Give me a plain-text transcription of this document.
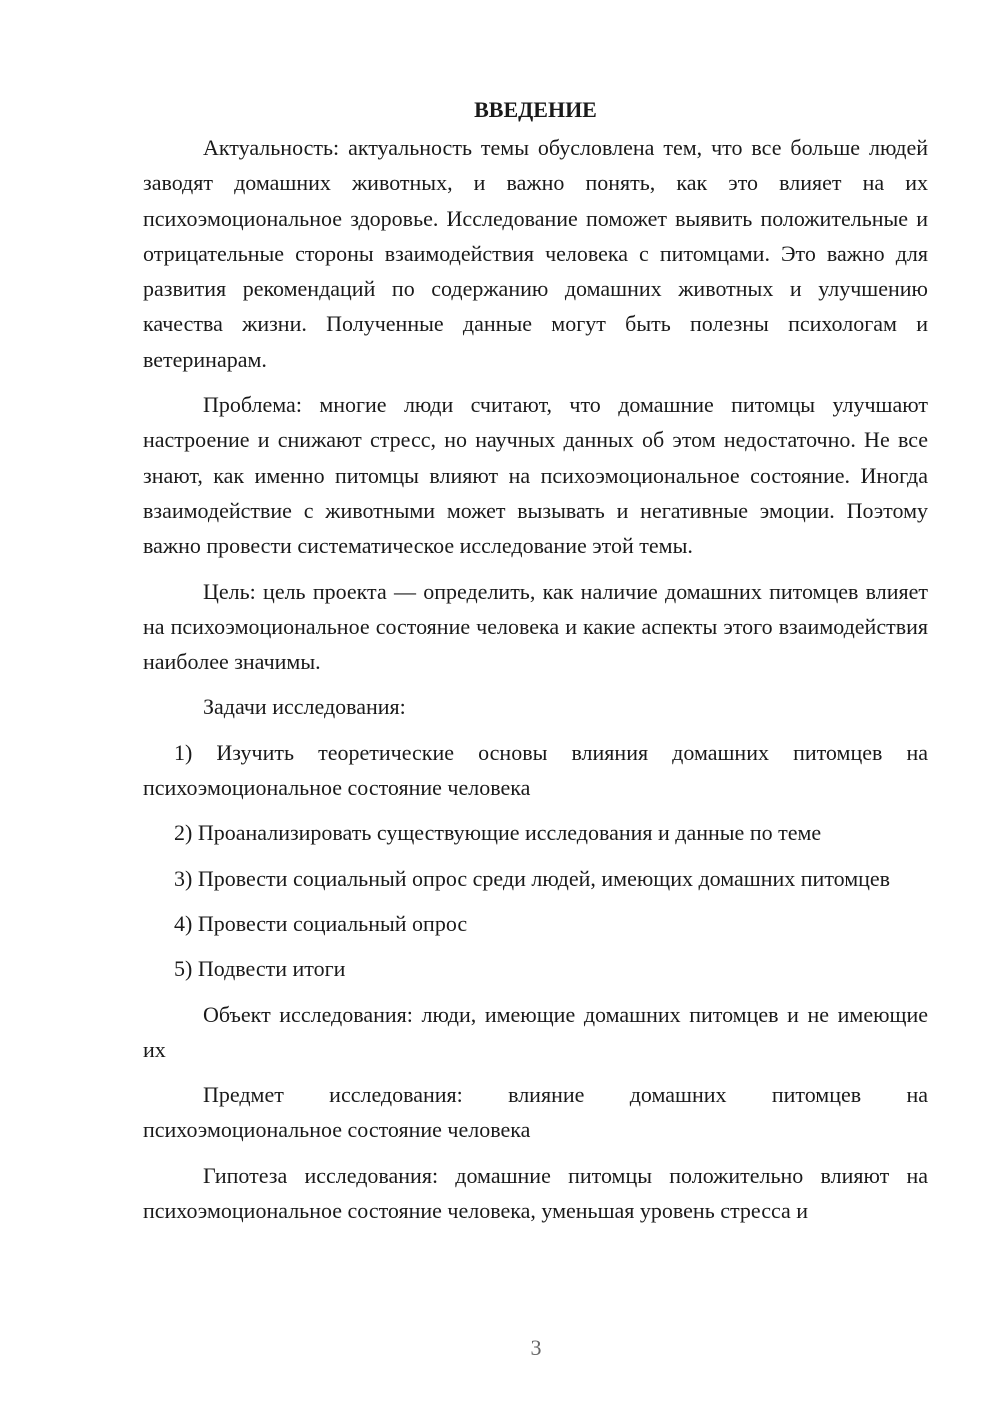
ВВЕДЕНИЕ

Актуальность: актуальность темы обусловлена тем, что все больше людей заводят домашних животных, и важно понять, как это влияет на их психоэмоциональное здоровье. Исследование поможет выявить положительные и отрицательные стороны взаимодействия человека с питомцами. Это важно для развития рекомендаций по содержанию домашних животных и улучшению качества жизни. Полученные данные могут быть полезны психологам и ветеринарам.

Проблема: многие люди считают, что домашние питомцы улучшают настроение и снижают стресс, но научных данных об этом недостаточно. Не все знают, как именно питомцы влияют на психоэмоциональное состояние. Иногда взаимодействие с животными может вызывать и негативные эмоции. Поэтому важно провести систематическое исследование этой темы.

Цель: цель проекта — определить, как наличие домашних питомцев влияет на психоэмоциональное состояние человека и какие аспекты этого взаимодействия наиболее значимы.

Задачи исследования:

1) Изучить теоретические основы влияния домашних питомцев на психоэмоциональное состояние человека

2) Проанализировать существующие исследования и данные по теме

3) Провести социальный опрос среди людей, имеющих домашних питомцев

4) Провести социальный опрос

5) Подвести итоги

Объект исследования: люди, имеющие домашних питомцев и не имеющие их

Предмет исследования: влияние домашних питомцев на психоэмоциональное состояние человека

Гипотеза исследования: домашние питомцы положительно влияют на психоэмоциональное состояние человека, уменьшая уровень стресса и

3
